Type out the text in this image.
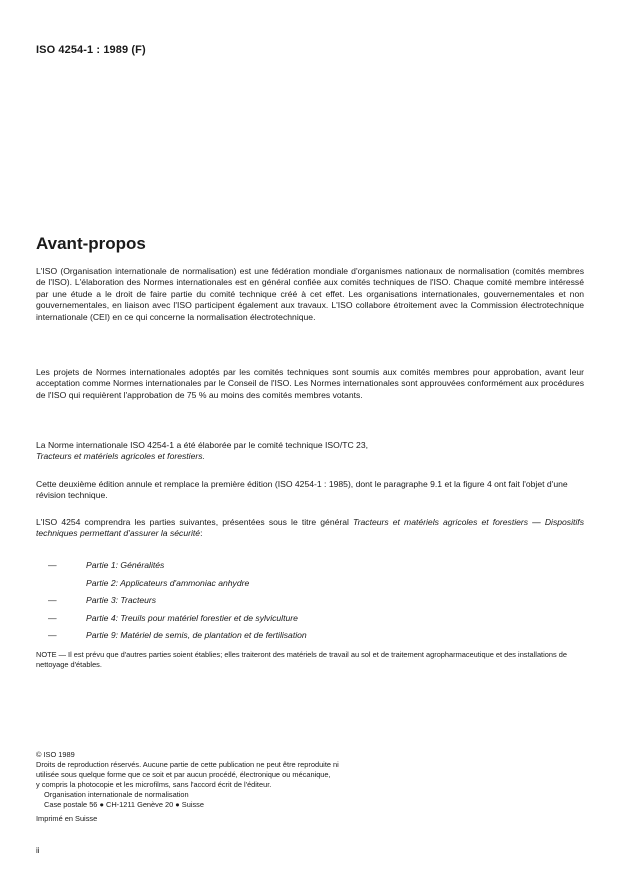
ISO 4254-1 : 1989 (F)
Avant-propos

L'ISO (Organisation internationale de normalisation) est une fédération mondiale d'organismes nationaux de normalisation (comités membres de l'ISO). L'élaboration des Normes internationales est en général confiée aux comités techniques de l'ISO. Chaque comité membre intéressé par une étude a le droit de faire partie du comité technique créé à cet effet. Les organisations internationales, gouvernementales et non gouvernementales, en liaison avec l'ISO participent également aux travaux. L'ISO collabore étroitement avec la Commission électrotechnique internationale (CEI) en ce qui concerne la normalisation électrotechnique.

Les projets de Normes internationales adoptés par les comités techniques sont soumis aux comités membres pour approbation, avant leur acceptation comme Normes internationales par le Conseil de l'ISO. Les Normes internationales sont approuvées conformément aux procédures de l'ISO qui requièrent l'approbation de 75 % au moins des comités membres votants.

La Norme internationale ISO 4254-1 a été élaborée par le comité technique ISO/TC 23,
Tracteurs et matériels agricoles et forestiers.

Cette deuxième édition annule et remplace la première édition (ISO 4254-1 : 1985), dont le paragraphe 9.1 et la figure 4 ont fait l'objet d'une révision technique.

L'ISO 4254 comprendra les parties suivantes, présentées sous le titre général Tracteurs et matériels agricoles et forestiers — Dispositifs techniques permettant d'assurer la sécurité:

—	Partie 1: Généralités
Partie 2: Applicateurs d'ammoniac anhydre
—	Partie 3: Tracteurs
—	Partie 4: Treuils pour matériel forestier et de sylviculture
—	Partie 9: Matériel de semis, de plantation et de fertilisation

NOTE — Il est prévu que d'autres parties soient établies; elles traiteront des matériels de travail au sol et de traitement agropharmaceutique et des installations de nettoyage d'étables.

© ISO 1989
Droits de reproduction réservés. Aucune partie de cette publication ne peut être reproduite ni
utilisée sous quelque forme que ce soit et par aucun procédé, électronique ou mécanique,
y compris la photocopie et les microfilms, sans l'accord écrit de l'éditeur.
Organisation internationale de normalisation
Case postale 56 ● CH-1211 Genève 20 ● Suisse
Imprimé en Suisse
ii
